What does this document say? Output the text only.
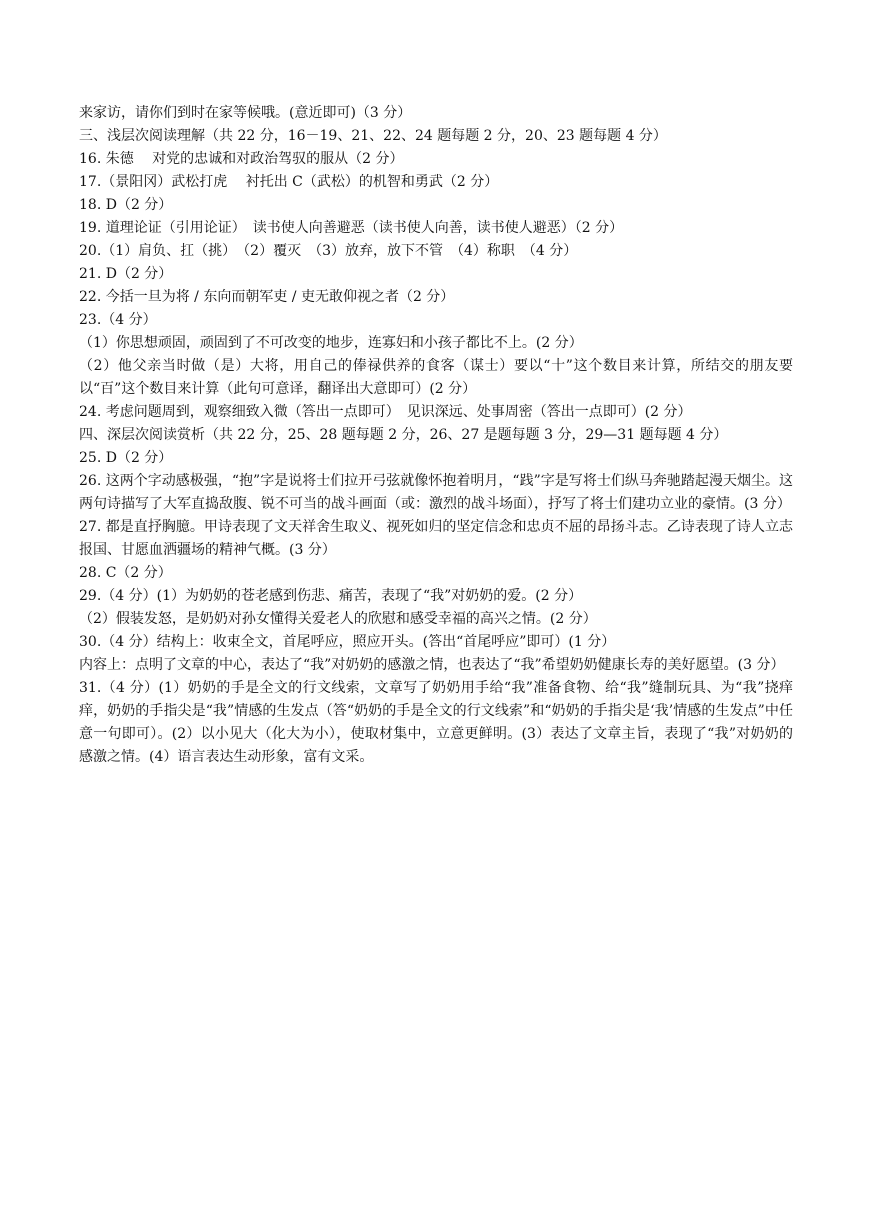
来家访，请你们到时在家等候哦。(意近即可)（3 分）

三、浅层次阅读理解（共 22 分，16－19、21、22、24 题每题 2 分，20、23 题每题 4 分）

16. 朱德　 对党的忠诚和对政治驾驭的服从（2 分）

17.（景阳冈）武松打虎　 衬托出 C（武松）的机智和勇武（2 分）

18. D（2 分）

19. 道理论证（引用论证）　读书使人向善避恶（读书使人向善，读书使人避恶）（2 分）

20.（1）肩负、扛（挑）　（2）覆灭　（3）放弃，放下不管　（4）称职　（4 分）

21. D（2 分）

22. 今括一旦为将 / 东向而朝军吏 / 吏无敢仰视之者（2 分）

23.（4 分）

（1）你思想顽固，顽固到了不可改变的地步，连寡妇和小孩子都比不上。(2 分）

（2）他父亲当时做（是）大将，用自己的俸禄供养的食客（谋士）要以“十”这个数目来计算，所结交的朋友要以“百”这个数目来计算（此句可意译，翻译出大意即可）(2 分）

24. 考虑问题周到，观察细致入微（答出一点即可）　见识深远、处事周密（答出一点即可）(2 分）

四、深层次阅读赏析（共 22 分，25、28 题每题 2 分，26、27 是题每题 3 分，29—31 题每题 4 分）

25. D（2 分）

26. 这两个字动感极强，“抱”字是说将士们拉开弓弦就像怀抱着明月，“践”字是写将士们纵马奔驰踏起漫天烟尘。这两句诗描写了大军直捣敌腹、锐不可当的战斗画面（或：激烈的战斗场面），抒写了将士们建功立业的豪情。(3 分）

27. 都是直抒胸臆。甲诗表现了文天祥舍生取义、视死如归的坚定信念和忠贞不屈的昂扬斗志。乙诗表现了诗人立志报国、甘愿血洒疆场的精神气概。(3 分）

28. C（2 分）

29.（4 分）(1）为奶奶的苍老感到伤悲、痛苦，表现了“我”对奶奶的爱。(2 分）

（2）假装发怒，是奶奶对孙女懂得关爱老人的欣慰和感受幸福的高兴之情。(2 分）

30.（4 分）结构上：收束全文，首尾呼应，照应开头。(答出“首尾呼应”即可）(1 分）

内容上：点明了文章的中心，表达了“我”对奶奶的感激之情，也表达了“我”希望奶奶健康长寿的美好愿望。(3 分）

31.（4 分）(1）奶奶的手是全文的行文线索，文章写了奶奶用手给“我”准备食物、给“我”缝制玩具、为“我”挠痒痒，奶奶的手指尖是“我”情感的生发点（答“奶奶的手是全文的行文线索”和“奶奶的手指尖是‘我’情感的生发点”中任意一句即可）。(2）以小见大（化大为小），使取材集中，立意更鲜明。(3）表达了文章主旨，表现了“我”对奶奶的感激之情。(4）语言表达生动形象，富有文采。
